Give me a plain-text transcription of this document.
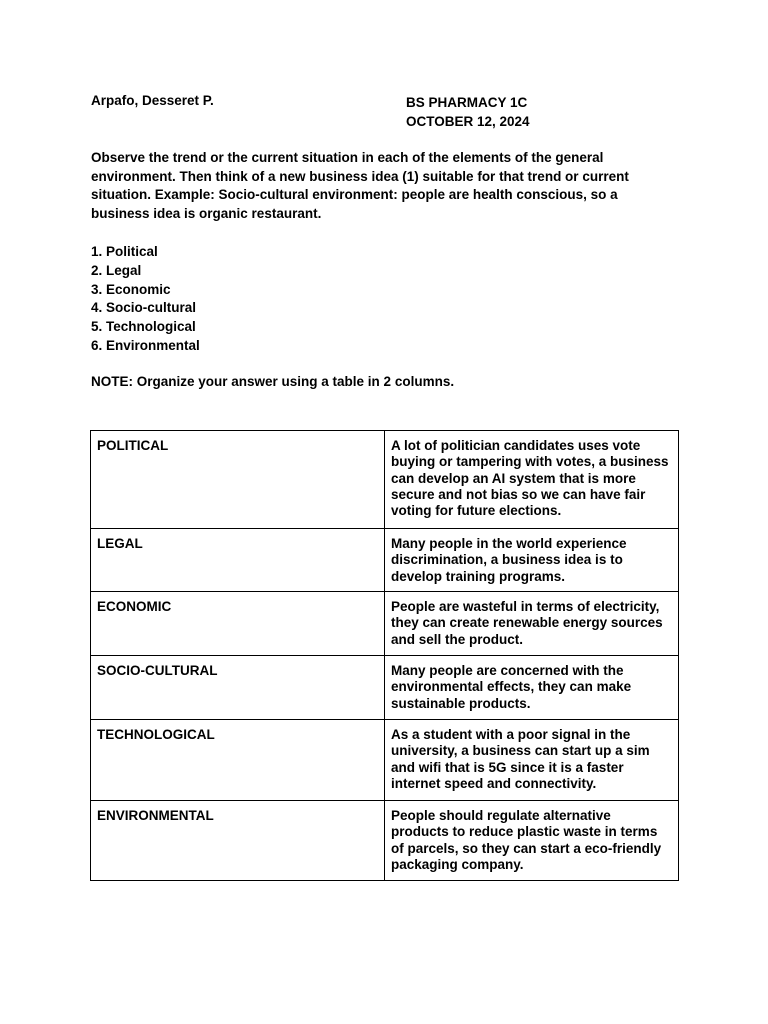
Arpafo, Desseret P.	BS PHARMACY 1C
OCTOBER 12, 2024
Observe the trend or the current situation in each of the elements of the general environment. Then think of a new business idea (1) suitable for that trend or current situation. Example: Socio-cultural environment: people are health conscious, so a business idea is organic restaurant.
1. Political
2. Legal
3. Economic
4. Socio-cultural
5. Technological
6. Environmental
NOTE: Organize your answer using a table in 2 columns.
POLITICAL	A lot of politician candidates uses vote buying or tampering with votes, a business can develop an AI system that is more secure and not bias so we can have fair voting for future elections.
LEGAL	Many people in the world experience discrimination, a business idea is to develop training programs.
ECONOMIC	People are wasteful in terms of electricity, they can create renewable energy sources and sell the product.
SOCIO-CULTURAL	Many people are concerned with the environmental effects, they can make sustainable products.
TECHNOLOGICAL	As a student with a poor signal in the university, a business can start up a sim and wifi that is 5G since it is a faster internet speed and connectivity.
ENVIRONMENTAL	People should regulate alternative products to reduce plastic waste in terms of parcels, so they can start a eco-friendly packaging company.
